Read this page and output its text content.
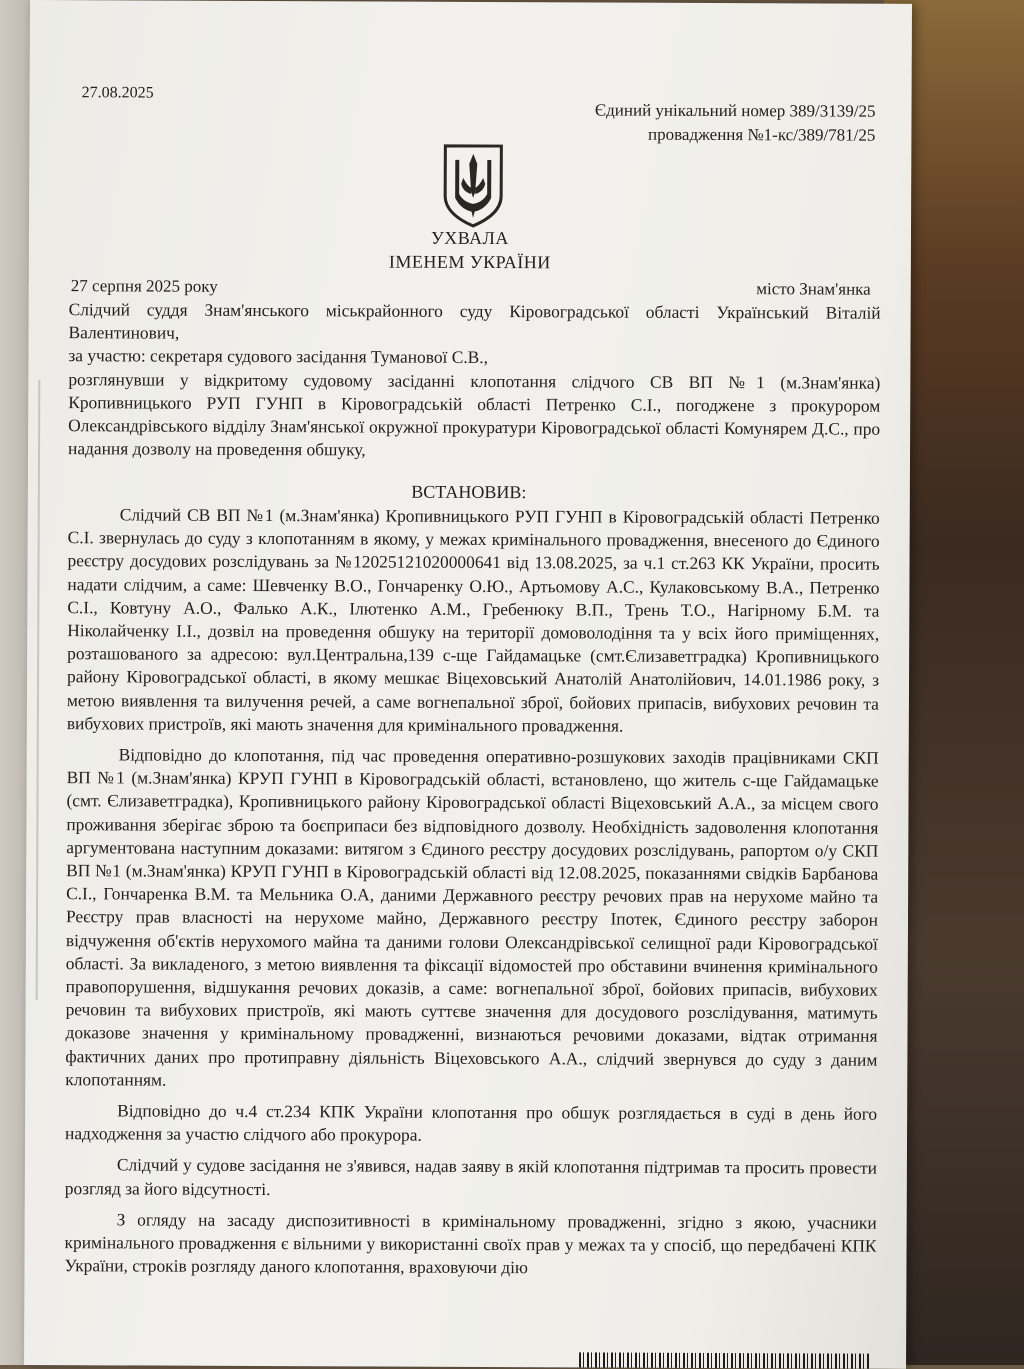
27.08.2025
Єдиний унікальний номер 389/3139/25
провадження №1-кс/389/781/25
УХВАЛА
ІМЕНЕМ УКРАЇНИ
27 серпня 2025 року	місто Знам'янка

Слідчий суддя Знам'янського міськрайонного суду Кіровоградської області Український Віталій Валентинович,

за участю: секретаря судового засідання Туманової С.В.,

розглянувши у відкритому судовому засіданні клопотання слідчого СВ ВП №1 (м.Знам'янка) Кропивницького РУП ГУНП в Кіровоградській області Петренко С.І., погоджене з прокурором Олександрівського відділу Знам'янської окружної прокуратури Кіровоградської області Комунярем Д.С., про надання дозволу на проведення обшуку,

ВСТАНОВИВ:

Слідчий СВ ВП №1 (м.Знам'янка) Кропивницького РУП ГУНП в Кіровоградській області Петренко С.І. звернулась до суду з клопотанням в якому, у межах кримінального провадження, внесеного до Єдиного реєстру досудових розслідувань за №12025121020000641 від 13.08.2025, за ч.1 ст.263 КК України, просить надати слідчим, а саме: Шевченку В.О., Гончаренку О.Ю., Артьомову А.С., Кулаковському В.А., Петренко С.І., Ковтуну А.О., Фалько А.К., Ілютенко А.М., Гребенюку В.П., Трень Т.О., Нагірному Б.М. та Ніколайченку І.І., дозвіл на проведення обшуку на території домоволодіння та у всіх його приміщеннях, розташованого за адресою: вул.Центральна,139 с-ще Гайдамацьке (смт.Єлизаветградка) Кропивницького району Кіровоградської області, в якому мешкає Віцеховський Анатолій Анатолійович, 14.01.1986 року, з метою виявлення та вилучення речей, а саме вогнепальної зброї, бойових припасів, вибухових речовин та вибухових пристроїв, які мають значення для кримінального провадження.

Відповідно до клопотання, під час проведення оперативно-розшукових заходів працівниками СКП ВП №1 (м.Знам'янка) КРУП ГУНП в Кіровоградській області, встановлено, що житель с-ще Гайдамацьке (смт. Єлизаветградка), Кропивницького району Кіровоградської області Віцеховський А.А., за місцем свого проживання зберігає зброю та боєприпаси без відповідного дозволу. Необхідність задоволення клопотання аргументована наступним доказами: витягом з Єдиного реєстру досудових розслідувань, рапортом о/у СКП ВП №1 (м.Знам'янка) КРУП ГУНП в Кіровоградській області від 12.08.2025, показаннями свідків Барбанова С.І., Гончаренка В.М. та Мельника О.А, даними Державного реєстру речових прав на нерухоме майно та Реєстру прав власності на нерухоме майно, Державного реєстру Іпотек, Єдиного реєстру заборон відчуження об'єктів нерухомого майна та даними голови Олександрівської селищної ради Кіровоградської області. За викладеного, з метою виявлення та фіксації відомостей про обставини вчинення кримінального правопорушення, відшукання речових доказів, а саме: вогнепальної зброї, бойових припасів, вибухових речовин та вибухових пристроїв, які мають суттєве значення для досудового розслідування, матимуть доказове значення у кримінальному провадженні, визнаються речовими доказами, відтак отримання фактичних даних про протиправну діяльність Віцеховського А.А., слідчий звернувся до суду з даним клопотанням.

Відповідно до ч.4 ст.234 КПК України клопотання про обшук розглядається в суді в день його надходження за участю слідчого або прокурора.

Слідчий у судове засідання не з'явився, надав заяву в якій клопотання підтримав та просить провести розгляд за його відсутності.

З огляду на засаду диспозитивності в кримінальному провадженні, згідно з якою, учасники кримінального провадження є вільними у використанні своїх прав у межах та у спосіб, що передбачені КПК України, строків розгляду даного клопотання, враховуючи дію
